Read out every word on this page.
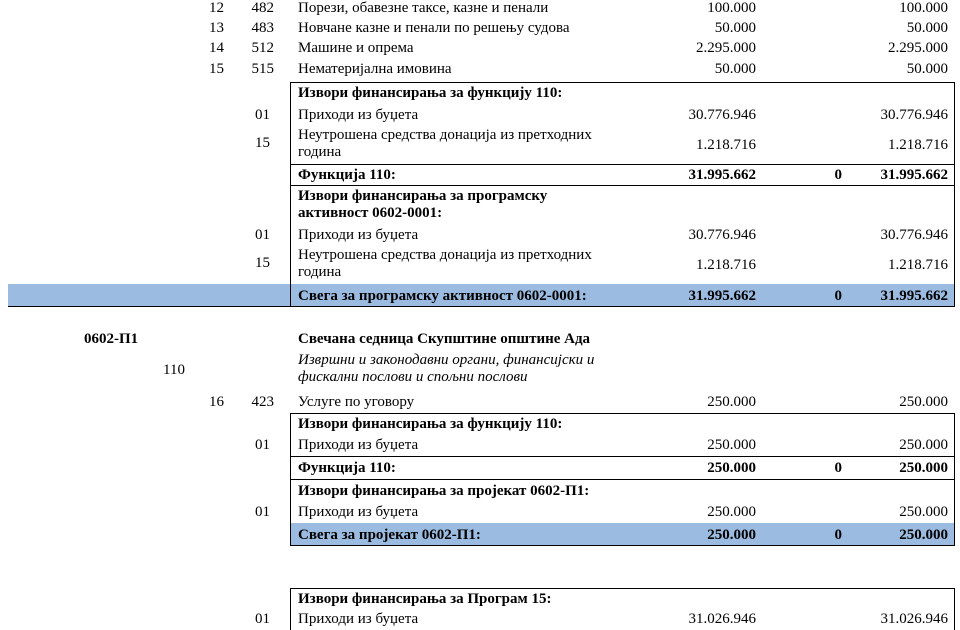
12	482 Порези, обавезне таксе, казне и пенали	100.000	100.000
13	483 Новчане казне и пенали по решењу судова	50.000	50.000
14	512 Машине и опрема	2.295.000	2.295.000
15	515 Нематеријална имовина	50.000	50.000
Извори финансирања за функцију 110:
01 Приходи из буџета	30.776.946	30.776.946
15 Неутрошена средства донација из претходних година	1.218.716	1.218.716
Функција 110:	31.995.662	0	31.995.662
Извори финансирања за програмску активност 0602-0001:
01 Приходи из буџета	30.776.946	30.776.946
15 Неутрошена средства донација из претходних година	1.218.716	1.218.716
Свега за програмску активност 0602-0001:	31.995.662	0	31.995.662
0602-П1	Свечана седница Скупштине општине Ада
110
Извршни и законодавни органи, финансијски и фискални послови и спољни послови
16	423 Услуге по уговору	250.000	250.000
Извори финансирања за функцију 110:
01 Приходи из буџета	250.000	250.000
Функција 110:	250.000	0	250.000
Извори финансирања за пројекат 0602-П1:
01 Приходи из буџета	250.000	250.000
Свега за пројекат 0602-П1:	250.000	0	250.000
Извори финансирања за Програм 15:
01 Приходи из буџета	31.026.946	31.026.946
